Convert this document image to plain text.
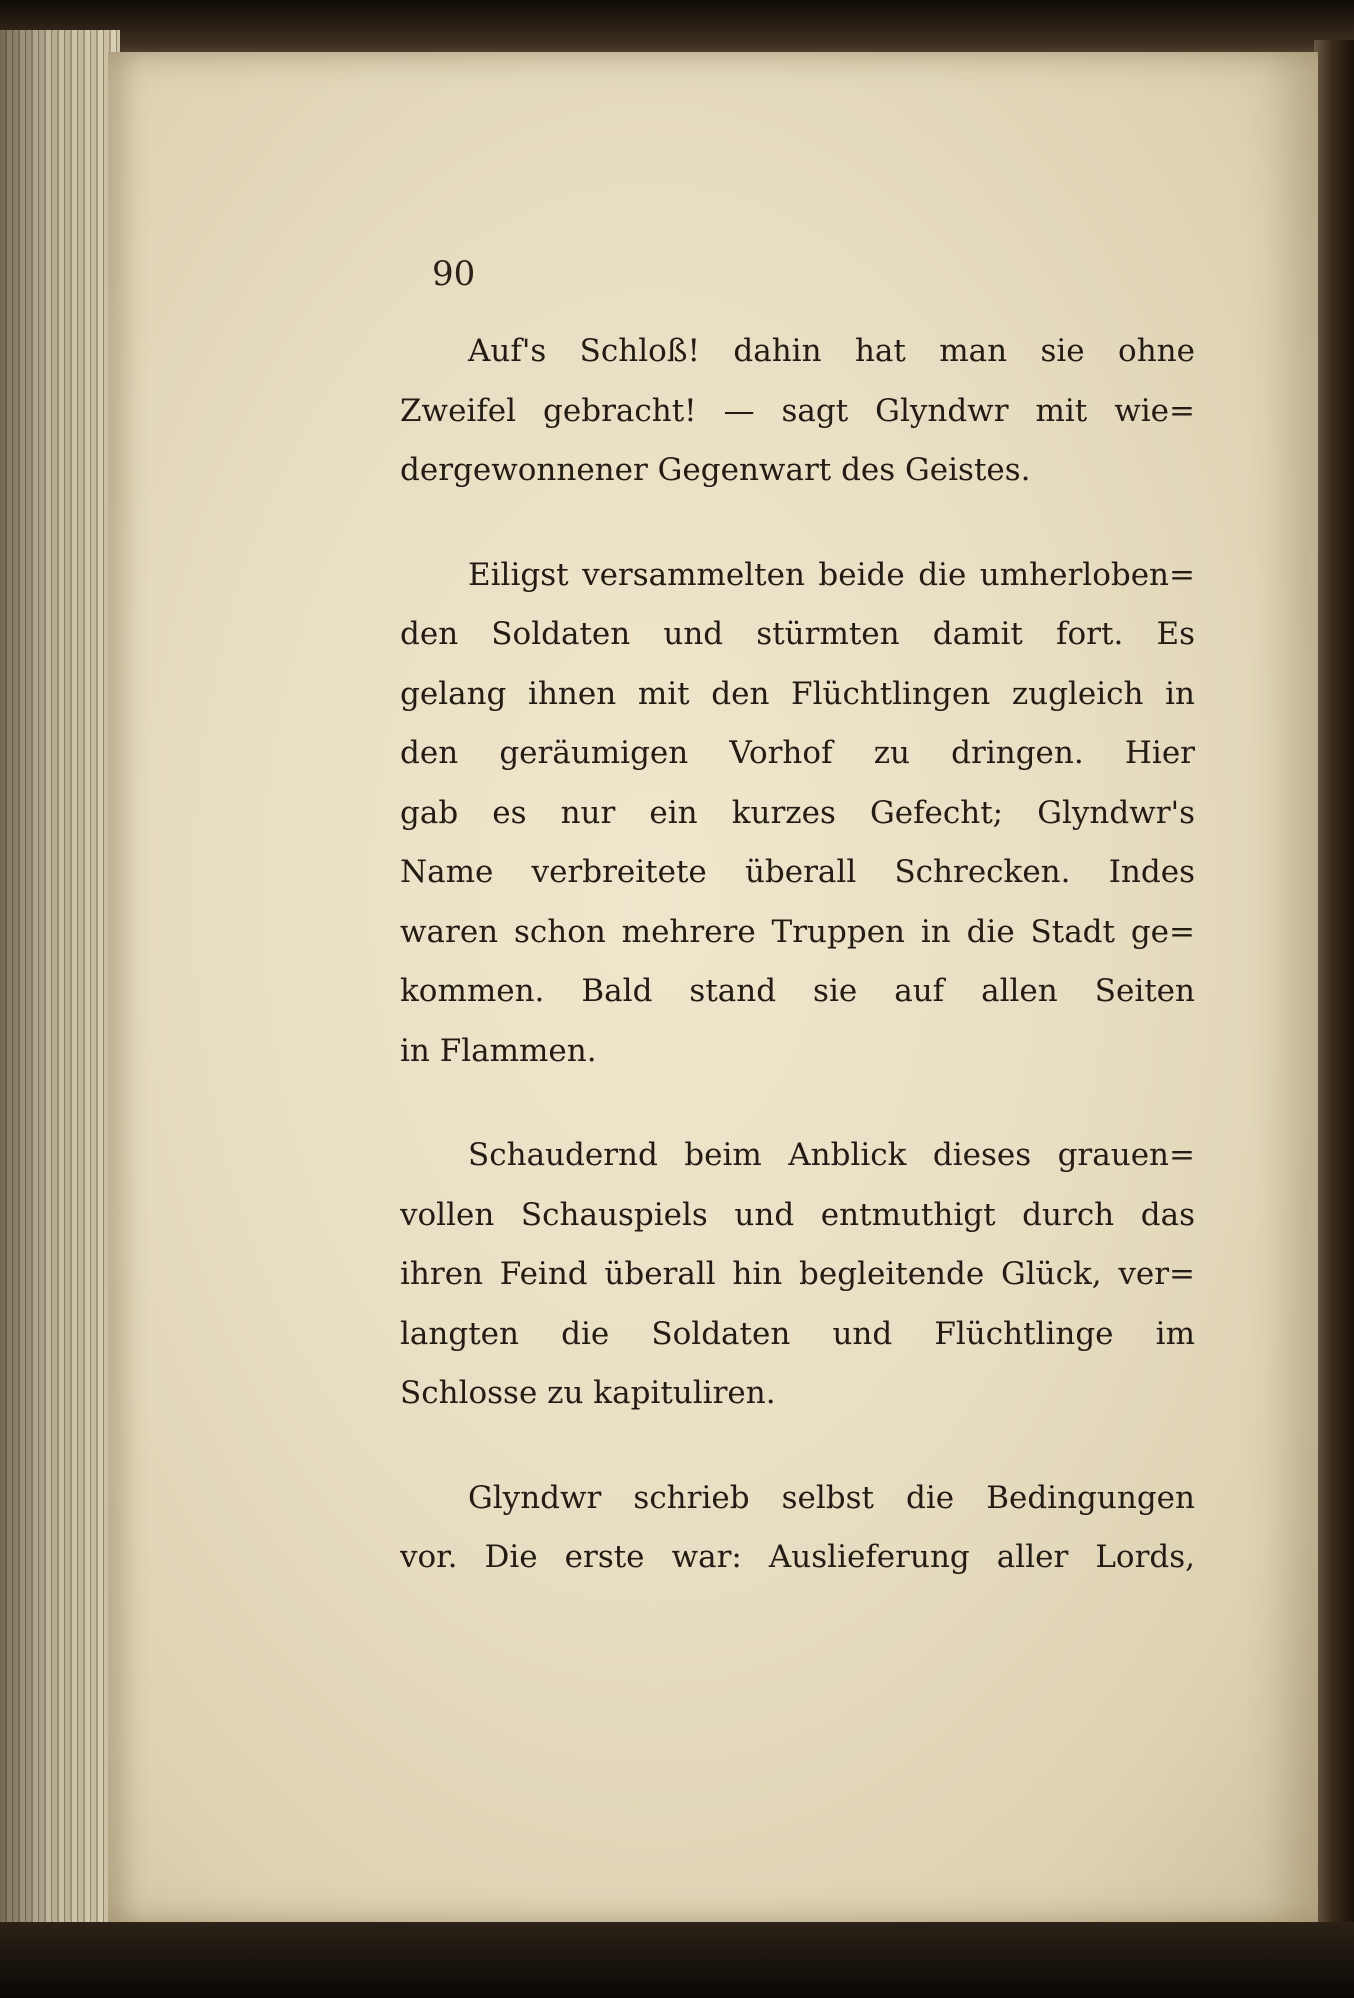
90
Auf's Schloß! dahin hat man sie ohne
Zweifel gebracht! — sagt Glyndwr mit wie=
dergewonnener Gegenwart des Geistes.
Eiligst versammelten beide die umherloben=
den Soldaten und stürmten damit fort. Es
gelang ihnen mit den Flüchtlingen zugleich in
den geräumigen Vorhof zu dringen. Hier
gab es nur ein kurzes Gefecht; Glyndwr's
Name verbreitete überall Schrecken. Indes
waren schon mehrere Truppen in die Stadt ge=
kommen. Bald stand sie auf allen Seiten
in Flammen.
Schaudernd beim Anblick dieses grauen=
vollen Schauspiels und entmuthigt durch das
ihren Feind überall hin begleitende Glück, ver=
langten die Soldaten und Flüchtlinge im
Schlosse zu kapituliren.
Glyndwr schrieb selbst die Bedingungen
vor. Die erste war: Auslieferung aller Lords,
